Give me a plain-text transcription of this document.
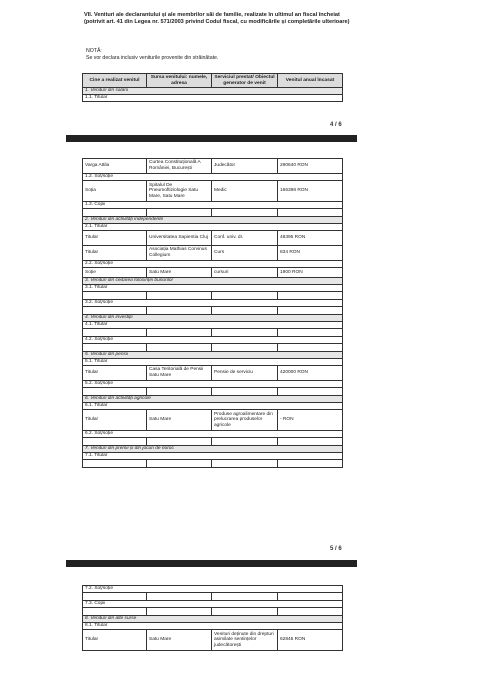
VII. Venituri ale declarantului și ale membrilor săi de familie, realizate în ultimul an fiscal încheiat (potrivit art. 41 din Legea nr. 571/2003 privind Codul fiscal, cu modificările și completările ulterioare)
NOTĂ:
Se vor declara inclusiv veniturile provenite din străinătate.
Cine a realizat venitul	Sursa venitului: numele, adresa	Serviciul prestat/ Obiectul generator de venit	Venitul anual încasat
1. Venituri din salarii
1.1. Titular
4 / 6
Varga Attila	Curtea Constituțională A României, București	Judecător	290640 RON
1.2. Soț/soție			
Soția	Spitalul De Pneumoftiziologie Satu Mare, Satu Mare	Medic	166398 RON
1.3. Copii			

2. Venituri din activități independente			
2.1. Titular			
Titular	Universitatea Sapientia Cluj	Conf. univ. dr.	48395 RON
Titular	Asociația Mathias Corvinus Collegium	Curs	834 RON
2.2. Soț/soție			
Soție	Satu Mare	cursuri	1900 RON
3. Venituri din cedarea folosinței bunurilor			
3.1. Titular			

3.2. Soț/soție			

4. Venituri din investiții			
4.1. Titular			

4.2. Soț/soție			

5. Venituri din pensii			
5.1. Titular			
Titular	Casa Teritorială de Pensii Satu Mare	Pensie de serviciu	420000 RON
5.2. Soț/soție			

6. Venituri din activități agricole			
6.1. Titular			
Titular	Satu Mare	Produse agroalimentare din prelucrarea produselor agricole	- RON
6.2. Soț/soție			

7. Venituri din premii și din jocuri de noroc			
7.1. Titular			

5 / 6
7.2. Soț/soție			

7.3. Copii			

8. Venituri din alte surse			
8.1. Titular			
Titular	Satu Mare	Venituri deținute din drepturi asimilate sentințelor judecătorești	62845 RON
